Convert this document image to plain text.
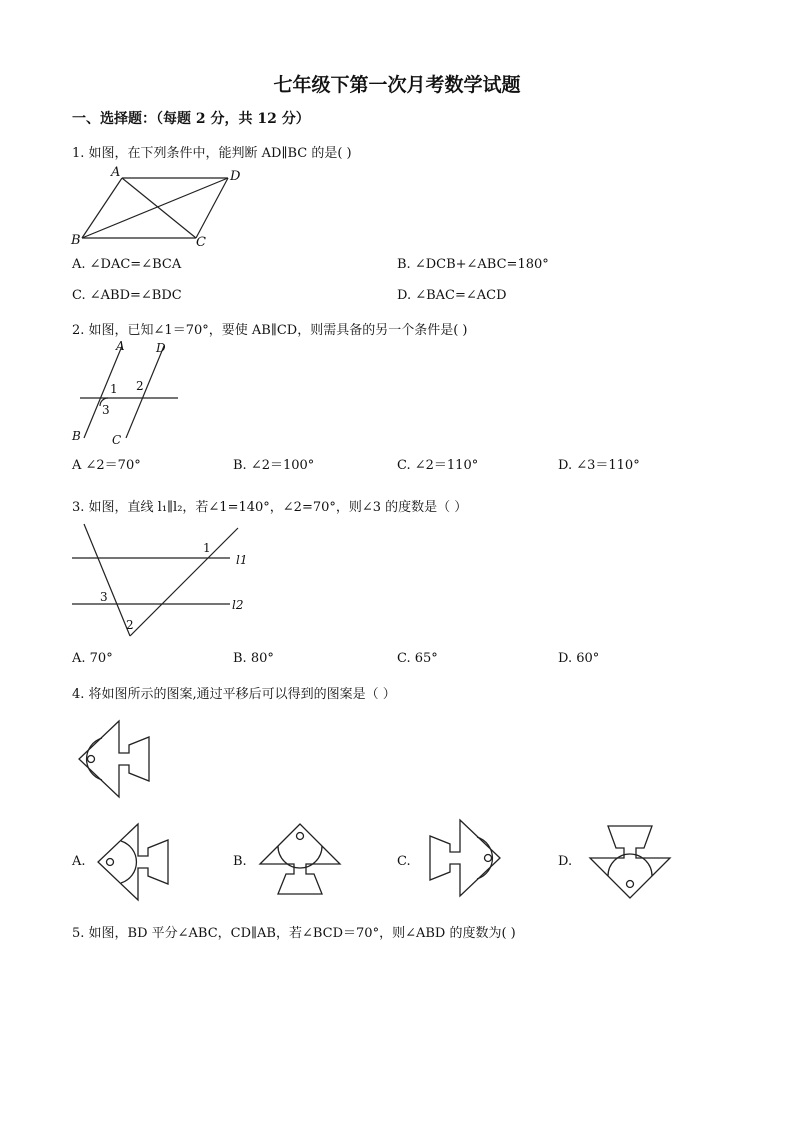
七年级下第一次月考数学试题
一、选择题：（每题 2 分，共 12 分）
1. 如图，在下列条件中，能判断 AD∥BC 的是( )
A	D
B	C
A. ∠DAC=∠BCA	B. ∠DCB+∠ABC=180°
C. ∠ABD=∠BDC	D. ∠BAC=∠ACD
2. 如图，已知∠1＝70°，要使 AB∥CD，则需具备的另一个条件是( )
A	D
1 2
3
B	C
A ∠2＝70°	B. ∠2＝100°	C. ∠2＝110°	D. ∠3＝110°
3. 如图，直线 l₁∥l₂，若∠1=140°，∠2=70°，则∠3 的度数是（ ）
1
l1
3
l2
2
A. 70°	B. 80°	C. 65°	D. 60°
4. 将如图所示的图案,通过平移后可以得到的图案是（ ）
A.	B.	C.	D.
5. 如图，BD 平分∠ABC，CD∥AB，若∠BCD＝70°，则∠ABD 的度数为( )
